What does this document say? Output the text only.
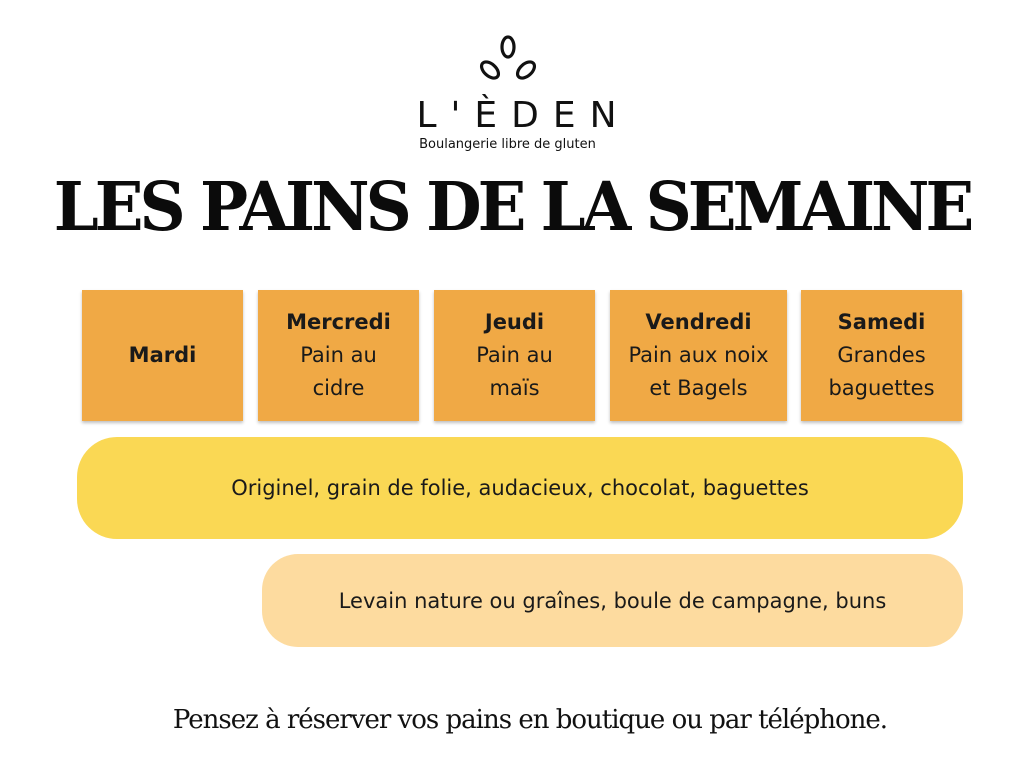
L'ÈDEN
Boulangerie libre de gluten
LES PAINS DE LA SEMAINE
Mardi
Mercredi
Pain au
cidre
Jeudi
Pain au
maïs
Vendredi
Pain aux noix
et Bagels
Samedi
Grandes
baguettes
Originel, grain de folie, audacieux, chocolat, baguettes
Levain nature ou graînes, boule de campagne, buns
Pensez à réserver vos pains en boutique ou par téléphone.
